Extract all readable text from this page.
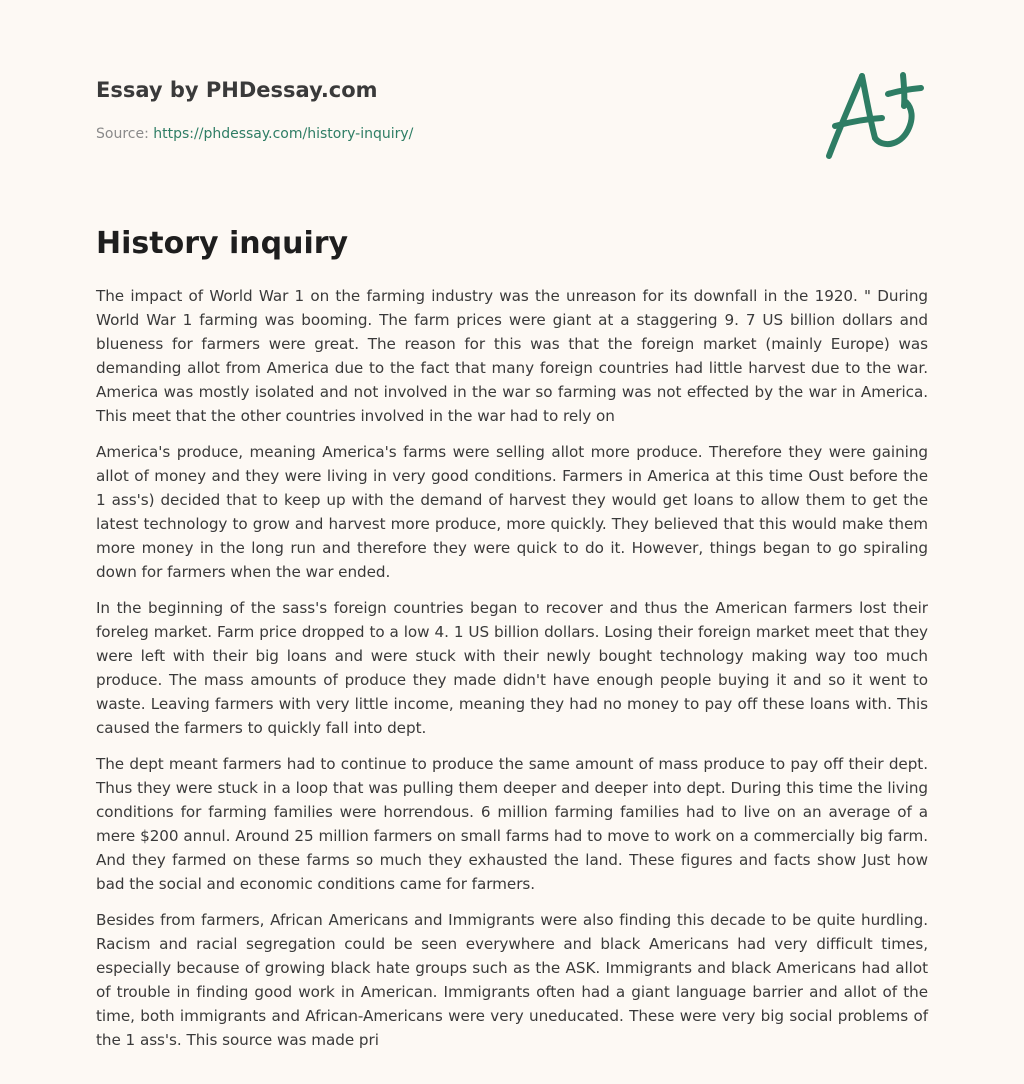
Essay by PHDessay.com
Source: https://phdessay.com/history-inquiry/
History inquiry

The impact of World War 1 on the farming industry was the unreason for its downfall in the 1920. " During World War 1 farming was booming. The farm prices were giant at a staggering 9. 7 US billion dollars and blueness for farmers were great. The reason for this was that the foreign market (mainly Europe) was demanding allot from America due to the fact that many foreign countries had little harvest due to the war. America was mostly isolated and not involved in the war so farming was not effected by the war in America. This meet that the other countries involved in the war had to rely on

America's produce, meaning America's farms were selling allot more produce. Therefore they were gaining allot of money and they were living in very good conditions. Farmers in America at this time Oust before the 1 ass's) decided that to keep up with the demand of harvest they would get loans to allow them to get the latest technology to grow and harvest more produce, more quickly. They believed that this would make them more money in the long run and therefore they were quick to do it. However, things began to go spiraling down for farmers when the war ended.

In the beginning of the sass's foreign countries began to recover and thus the American farmers lost their foreleg market. Farm price dropped to a low 4. 1 US billion dollars. Losing their foreign market meet that they were left with their big loans and were stuck with their newly bought technology making way too much produce. The mass amounts of produce they made didn't have enough people buying it and so it went to waste. Leaving farmers with very little income, meaning they had no money to pay off these loans with. This caused the farmers to quickly fall into dept.

The dept meant farmers had to continue to produce the same amount of mass produce to pay off their dept. Thus they were stuck in a loop that was pulling them deeper and deeper into dept. During this time the living conditions for farming families were horrendous. 6 million farming families had to live on an average of a mere $200 annul. Around 25 million farmers on small farms had to move to work on a commercially big farm. And they farmed on these farms so much they exhausted the land. These figures and facts show Just how bad the social and economic conditions came for farmers.

Besides from farmers, African Americans and Immigrants were also finding this decade to be quite hurdling. Racism and racial segregation could be seen everywhere and black Americans had very difficult times, especially because of growing black hate groups such as the ASK. Immigrants and black Americans had allot of trouble in finding good work in American. Immigrants often had a giant language barrier and allot of the time, both immigrants and African-Americans were very uneducated. These were very big social problems of the 1 ass's. This source was made pri
